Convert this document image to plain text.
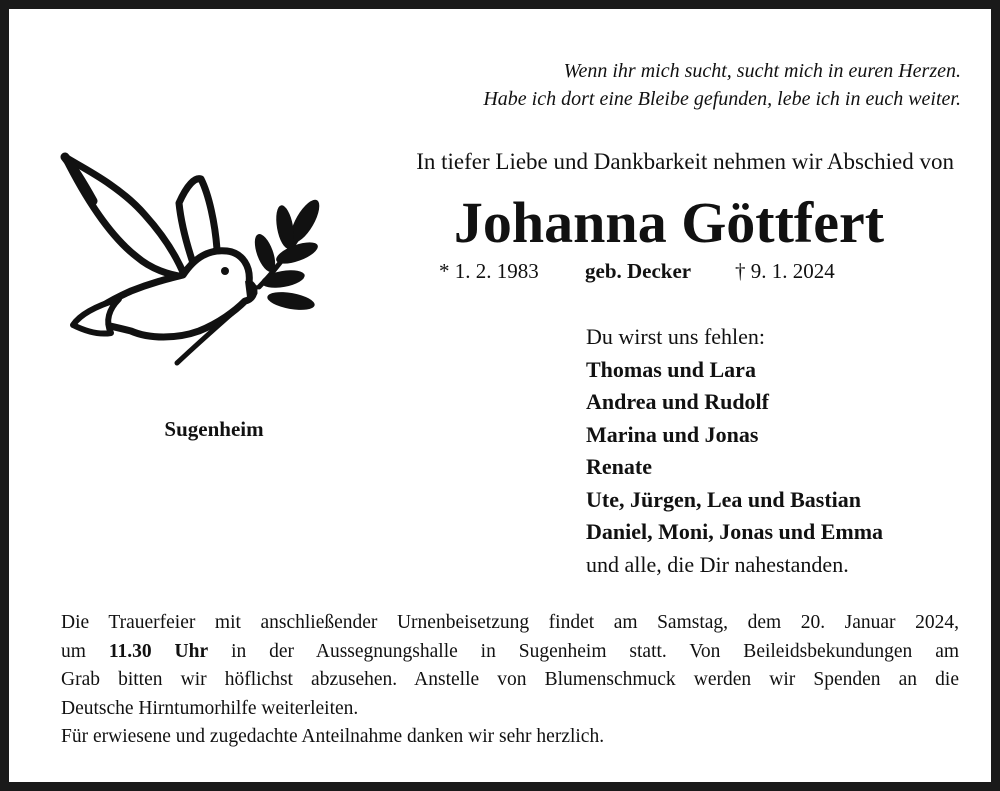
Wenn ihr mich sucht, sucht mich in euren Herzen.
Habe ich dort eine Bleibe gefunden, lebe ich in euch weiter.
In tiefer Liebe und Dankbarkeit nehmen wir Abschied von
Johanna Göttfert
* 1. 2. 1983 geb. Decker † 9. 1. 2024
Sugenheim
Du wirst uns fehlen:
Thomas und Lara
Andrea und Rudolf
Marina und Jonas
Renate
Ute, Jürgen, Lea und Bastian
Daniel, Moni, Jonas und Emma
und alle, die Dir nahestanden.
Die Trauerfeier mit anschließender Urnenbeisetzung findet am Samstag, dem 20. Januar 2024,
um 11.30 Uhr in der Aussegnungshalle in Sugenheim statt. Von Beileidsbekundungen am
Grab bitten wir höflichst abzusehen. Anstelle von Blumenschmuck werden wir Spenden an die
Deutsche Hirntumorhilfe weiterleiten.
Für erwiesene und zugedachte Anteilnahme danken wir sehr herzlich.
